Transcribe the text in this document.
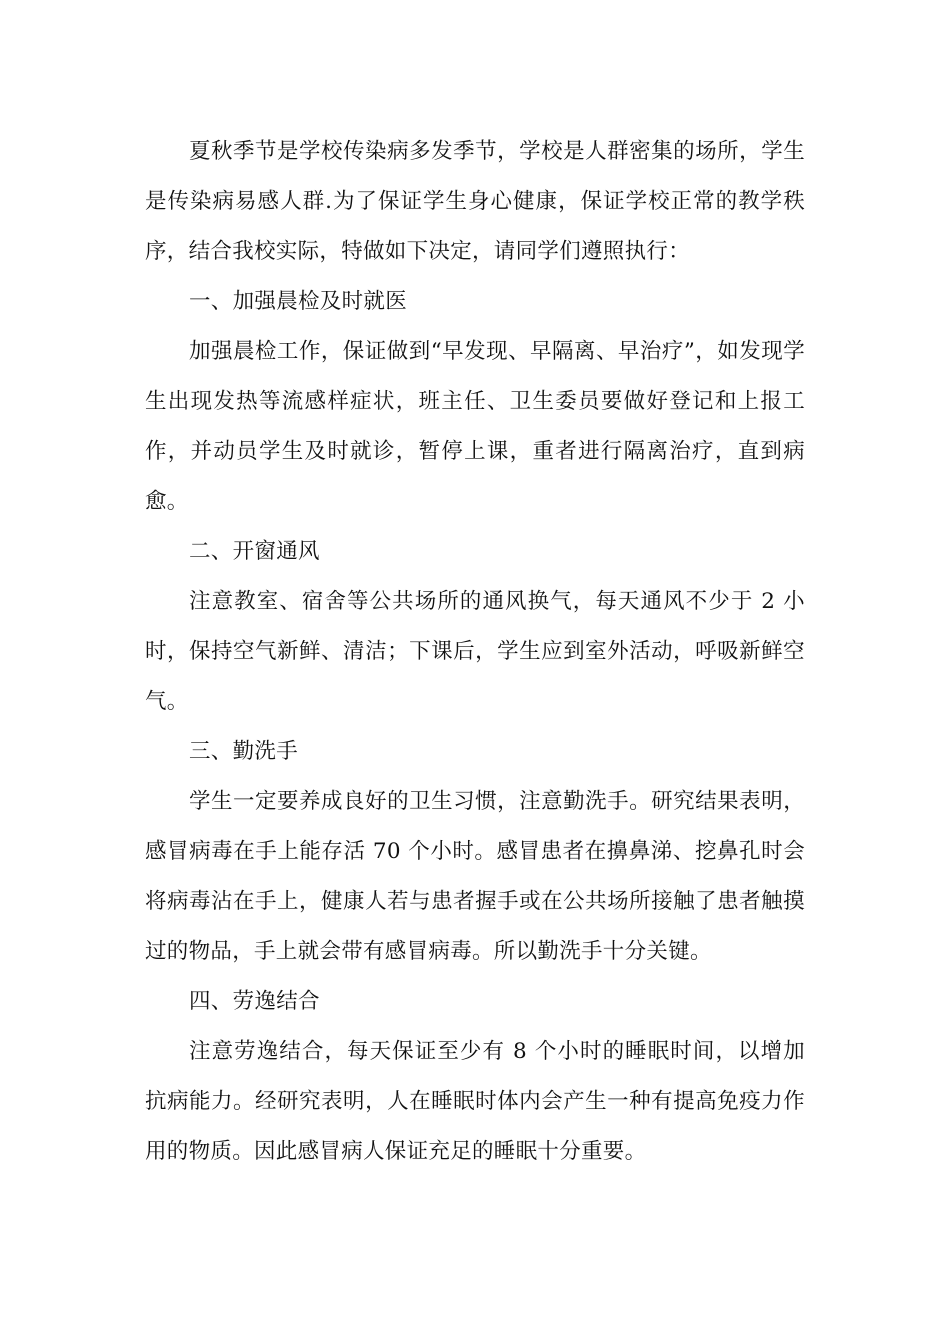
夏秋季节是学校传染病多发季节，学校是人群密集的场所，学生是传染病易感人群.为了保证学生身心健康，保证学校正常的教学秩序，结合我校实际，特做如下决定，请同学们遵照执行：

一、加强晨检及时就医

加强晨检工作，保证做到“早发现、早隔离、早治疗”，如发现学生出现发热等流感样症状，班主任、卫生委员要做好登记和上报工作，并动员学生及时就诊，暂停上课，重者进行隔离治疗，直到病愈。

二、开窗通风

注意教室、宿舍等公共场所的通风换气，每天通风不少于 2 小时，保持空气新鲜、清洁；下课后，学生应到室外活动，呼吸新鲜空气。

三、勤洗手

学生一定要养成良好的卫生习惯，注意勤洗手。研究结果表明，感冒病毒在手上能存活 70 个小时。感冒患者在擤鼻涕、挖鼻孔时会将病毒沾在手上，健康人若与患者握手或在公共场所接触了患者触摸过的物品，手上就会带有感冒病毒。所以勤洗手十分关键。

四、劳逸结合

注意劳逸结合，每天保证至少有 8 个小时的睡眠时间，以增加抗病能力。经研究表明，人在睡眠时体内会产生一种有提高免疫力作用的物质。因此感冒病人保证充足的睡眠十分重要。
